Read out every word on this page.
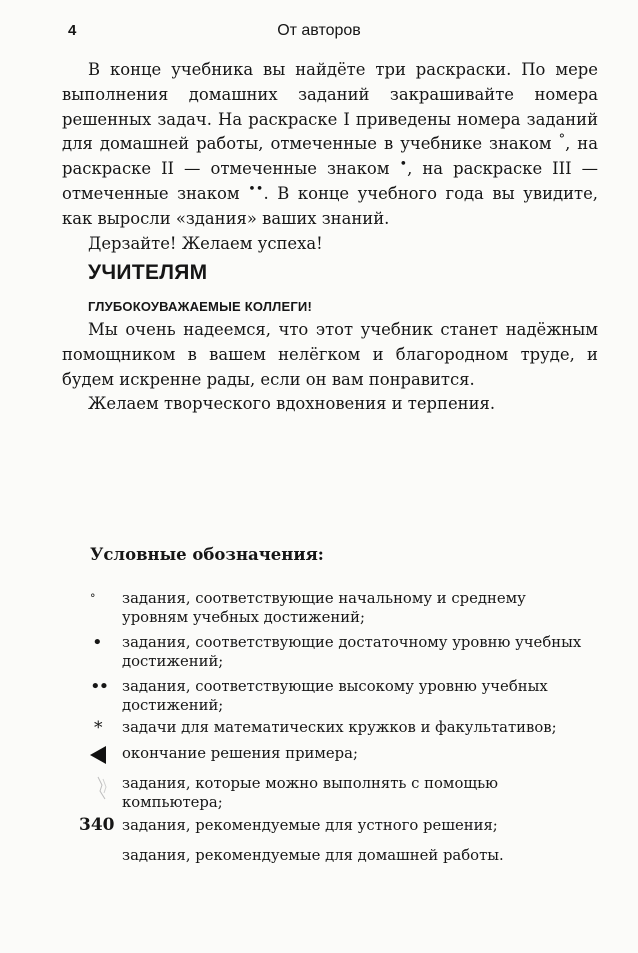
4	От авторов

В конце учебника вы найдёте три раскраски. По мере выполнения домашних заданий закрашивайте номера решенных задач. На раскраске I приведены номера заданий для домашней работы, отмеченные в учебнике знаком °, на раскраске II — отмеченные знаком •, на раскраске III — отмеченные знаком ••. В конце учебного года вы увидите, как выросли «здания» ваших знаний.

Дерзайте! Желаем успеха!

УЧИТЕЛЯМ
ГЛУБОКОУВАЖАЕМЫЕ КОЛЛЕГИ!

Мы очень надеемся, что этот учебник станет надёжным помощником в вашем нелёгком и благородном труде, и будем искренне рады, если он вам понравится.

Желаем творческого вдохновения и терпения.

Условные обозначения:
° задания, соответствующие начальному и среднему уровням учебных достижений;
• задания, соответствующие достаточному уровню учебных достижений;
•• задания, соответствующие высокому уровню учебных достижений;
* задачи для математических кружков и факультативов;
окончание решения примера;
задания, которые можно выполнять с помощью компьютера;
340 задания, рекомендуемые для устного решения;
задания, рекомендуемые для домашней работы.
